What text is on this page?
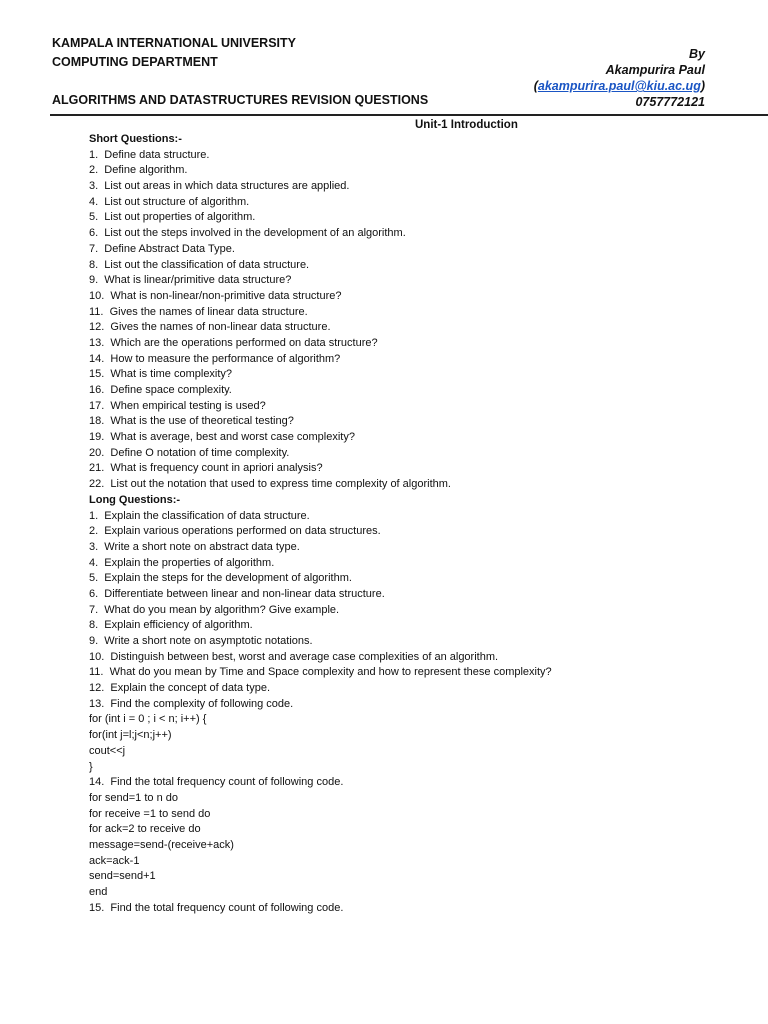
KAMPALA INTERNATIONAL UNIVERSITY
COMPUTING DEPARTMENT
ALGORITHMS AND DATASTRUCTURES REVISION QUESTIONS
By
Akampurira Paul
(akampurira.paul@kiu.ac.ug)
0757772121
Unit-1 Introduction
Short Questions:-
1.  Define data structure.
2.  Define algorithm.
3.  List out areas in which data structures are applied.
4.  List out structure of algorithm.
5.  List out properties of algorithm.
6.  List out the steps involved in the development of an algorithm.
7.  Define Abstract Data Type.
8.  List out the classification of data structure.
9.  What is linear/primitive data structure?
10.  What is non-linear/non-primitive data structure?
11.  Gives the names of linear data structure.
12.  Gives the names of non-linear data structure.
13.  Which are the operations performed on data structure?
14.  How to measure the performance of algorithm?
15.  What is time complexity?
16.  Define space complexity.
17.  When empirical testing is used?
18.  What is the use of theoretical testing?
19.  What is average, best and worst case complexity?
20.  Define O notation of time complexity.
21.  What is frequency count in apriori analysis?
22.  List out the notation that used to express time complexity of algorithm.
Long Questions:-
1.  Explain the classification of data structure.
2.  Explain various operations performed on data structures.
3.  Write a short note on abstract data type.
4.  Explain the properties of algorithm.
5.  Explain the steps for the development of algorithm.
6.  Differentiate between linear and non-linear data structure.
7.  What do you mean by algorithm? Give example.
8.  Explain efficiency of algorithm.
9.  Write a short note on asymptotic notations.
10.  Distinguish between best, worst and average case complexities of an algorithm.
11.  What do you mean by Time and Space complexity and how to represent these complexity?
12.  Explain the concept of data type.
13.  Find the complexity of following code.
for (int i = 0 ; i < n; i++) {
for(int j=l;j<n;j++)
cout<<j
}
14.  Find the total frequency count of following code.
for send=1 to n do
for receive =1 to send do
for ack=2 to receive do
message=send-(receive+ack)
ack=ack-1
send=send+1
end
15.  Find the total frequency count of following code.
